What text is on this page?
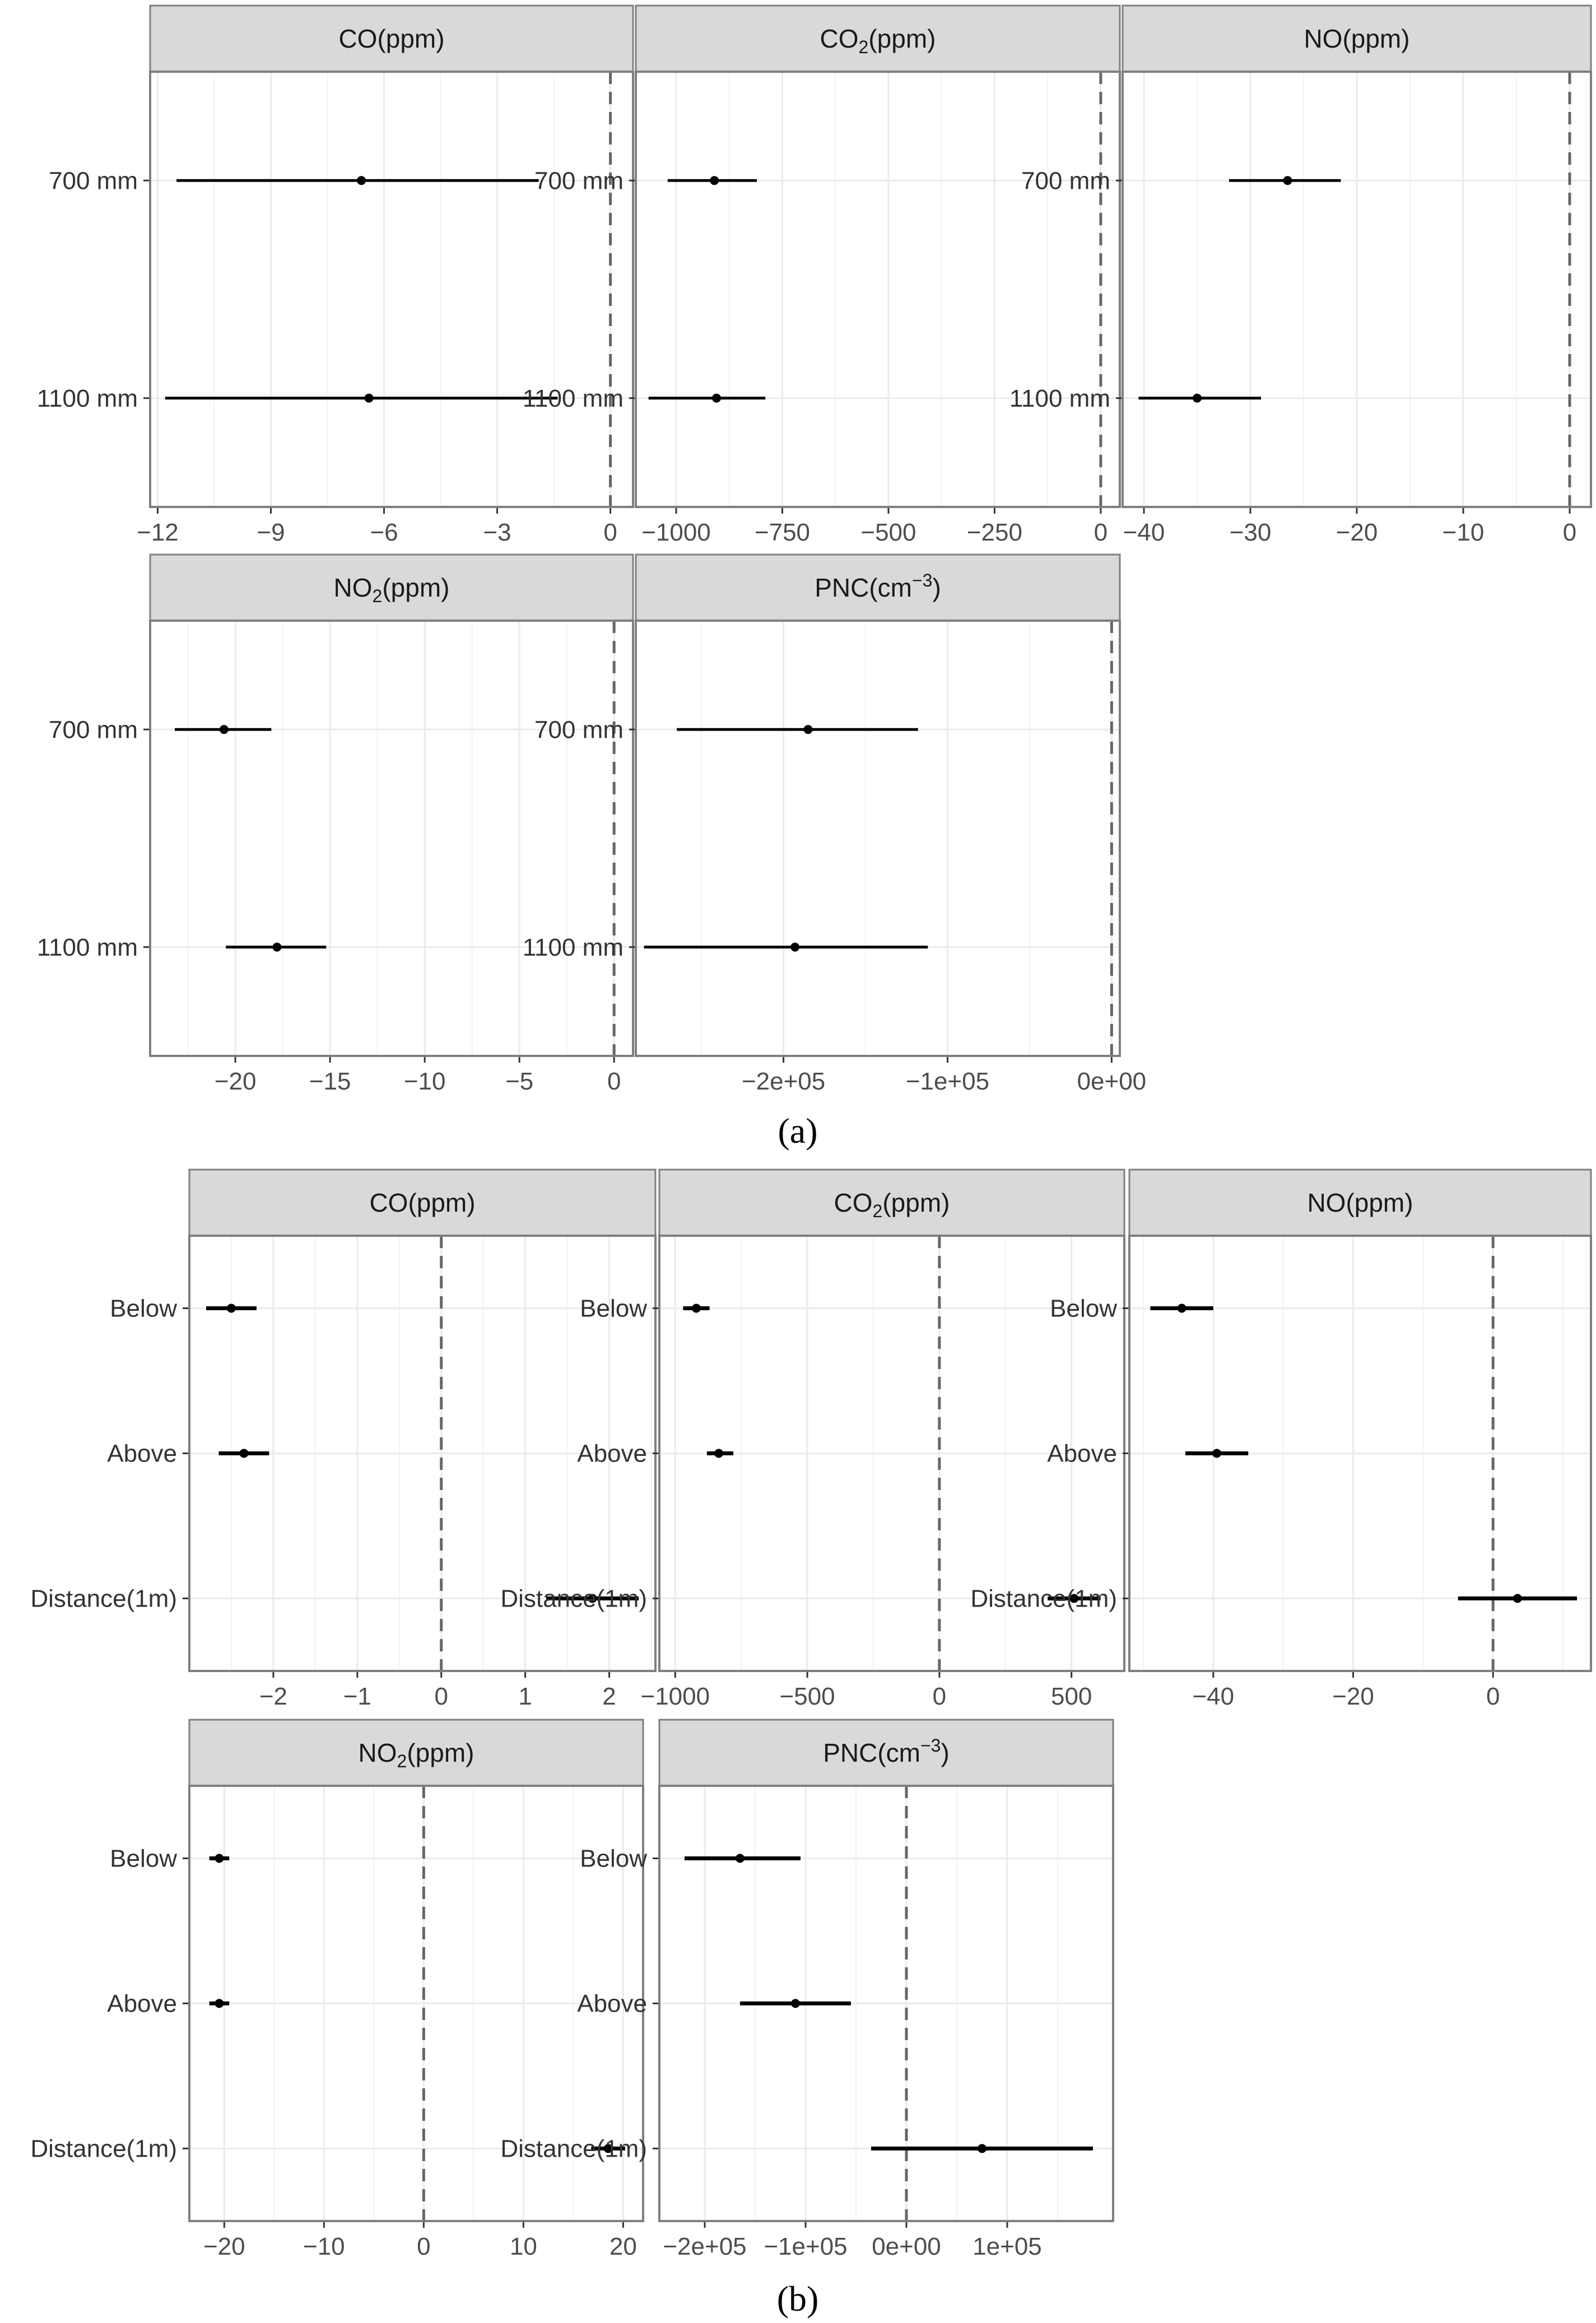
(a)
(b)
CO(ppm)
−12	−9	−6	−3	0
700 mm
1100 mm
$CO_2(ppm)$
−1000 −750 −500 −250	0
700 mm
1100 mm
NO(ppm)
−40	−30	−20	−10	0
700 mm
1100 mm
$NO_2(ppm)$
−20 −15 −10 −5	0
700 mm
1100 mm
$PNC(cm^{-3})$
−2e+05	−1e+05	0e+00
700 mm
1100 mm
CO(ppm)
−2 −1	0	1	2
Below
Above
Distance(1m)
$CO_2(ppm)$
−1000	−500	0	500
Below
Above
Distance(1m)
NO(ppm)
−40	−20	0
Below
Above
Distance(1m)
$NO_2(ppm)$
−20 −10	0	10	20
Below
Above
Distance(1m)
$PNC(cm^{-3})$
−2e+05 −1e+05 0e+00 1e+05
Below
Above
Distance(1m)
